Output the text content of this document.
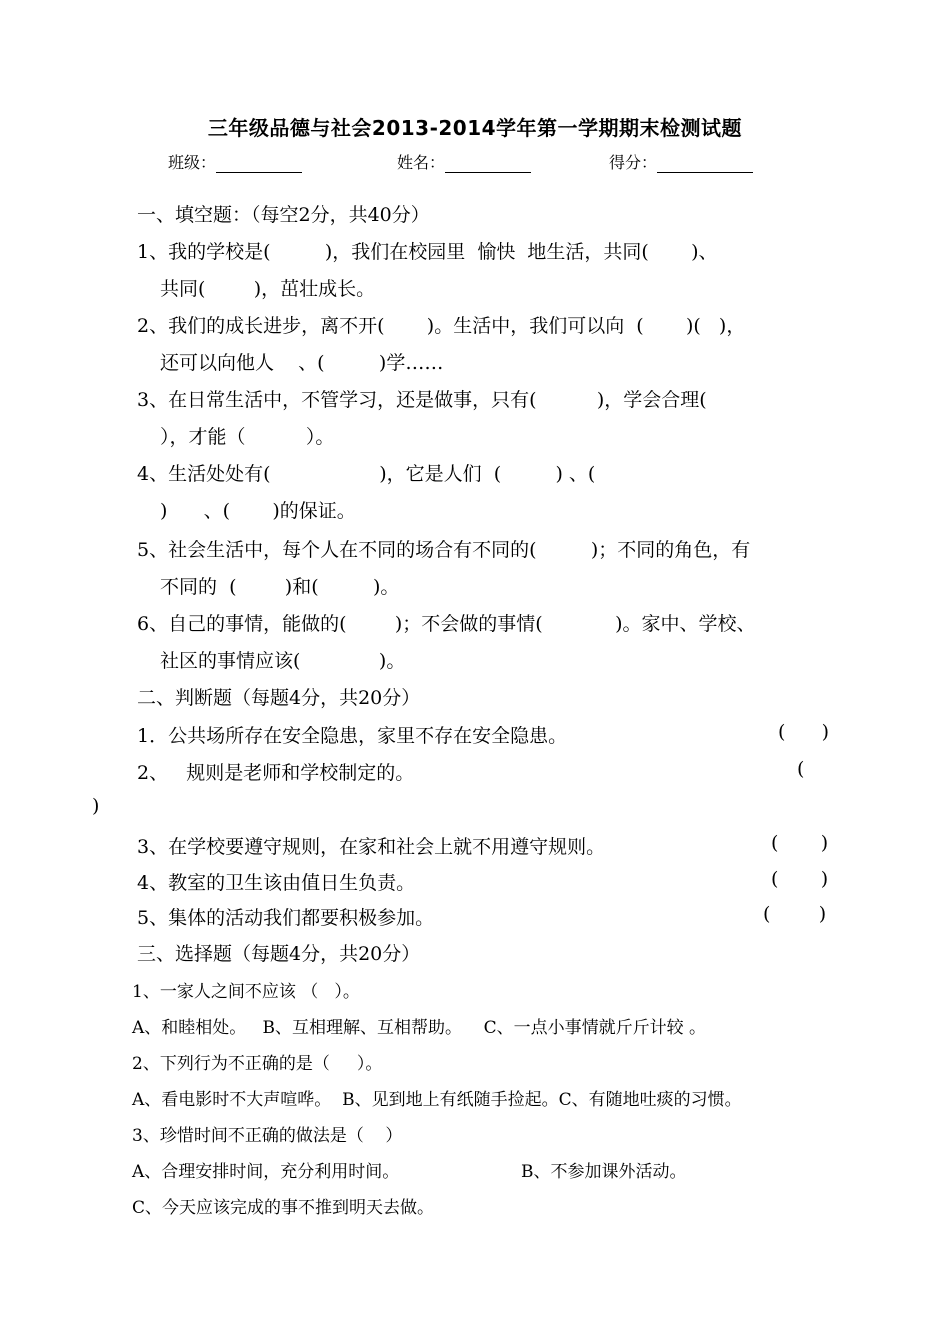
三年级品德与社会2013-2014学年第一学期期末检测试题
班级：	姓名：	得分：
一、填空题：（每空2分，共40分）
1、我的学校是(         )，我们在校园里  愉快  地生活，共同(       )、
共同(        )，茁壮成长。
2、我们的成长进步，离不开(       )。生活中，我们可以向  (       )(   )，
还可以向他人    、(         )学……
3、在日常生活中，不管学习，还是做事，只有(          )，学会合理(
），才能（          ）。
4、生活处处有(                  )，它是人们  (         ) 、(
)      、(       )的保证。
5、社会生活中，每个人在不同的场合有不同的(         )；不同的角色，有
不同的  (        )和(         )。
6、自己的事情，能做的(        )；不会做的事情(            )。家中、学校、
社区的事情应该(             )。
二、判断题（每题4分，共20分）
1．公共场所存在安全隐患，家里不存在安全隐患。	(      )
2、   规则是老师和学校制定的。	(
)
3、在学校要遵守规则，在家和社会上就不用遵守规则。	(       )
4、教室的卫生该由值日生负责。	(       )
5、集体的活动我们都要积极参加。	(        )
三、选择题（每题4分，共20分）
1、一家人之间不应该 （   ）。
A、和睦相处。   B、互相理解、互相帮助。    C、一点小事情就斤斤计较 。
2、下列行为不正确的是（     ）。
A、看电影时不大声喧哗。  B、见到地上有纸随手捡起。C、有随地吐痰的习惯。
3、珍惜时间不正确的做法是（    ）
A、合理安排时间，充分利用时间。	B、不参加课外活动。
C、今天应该完成的事不推到明天去做。
